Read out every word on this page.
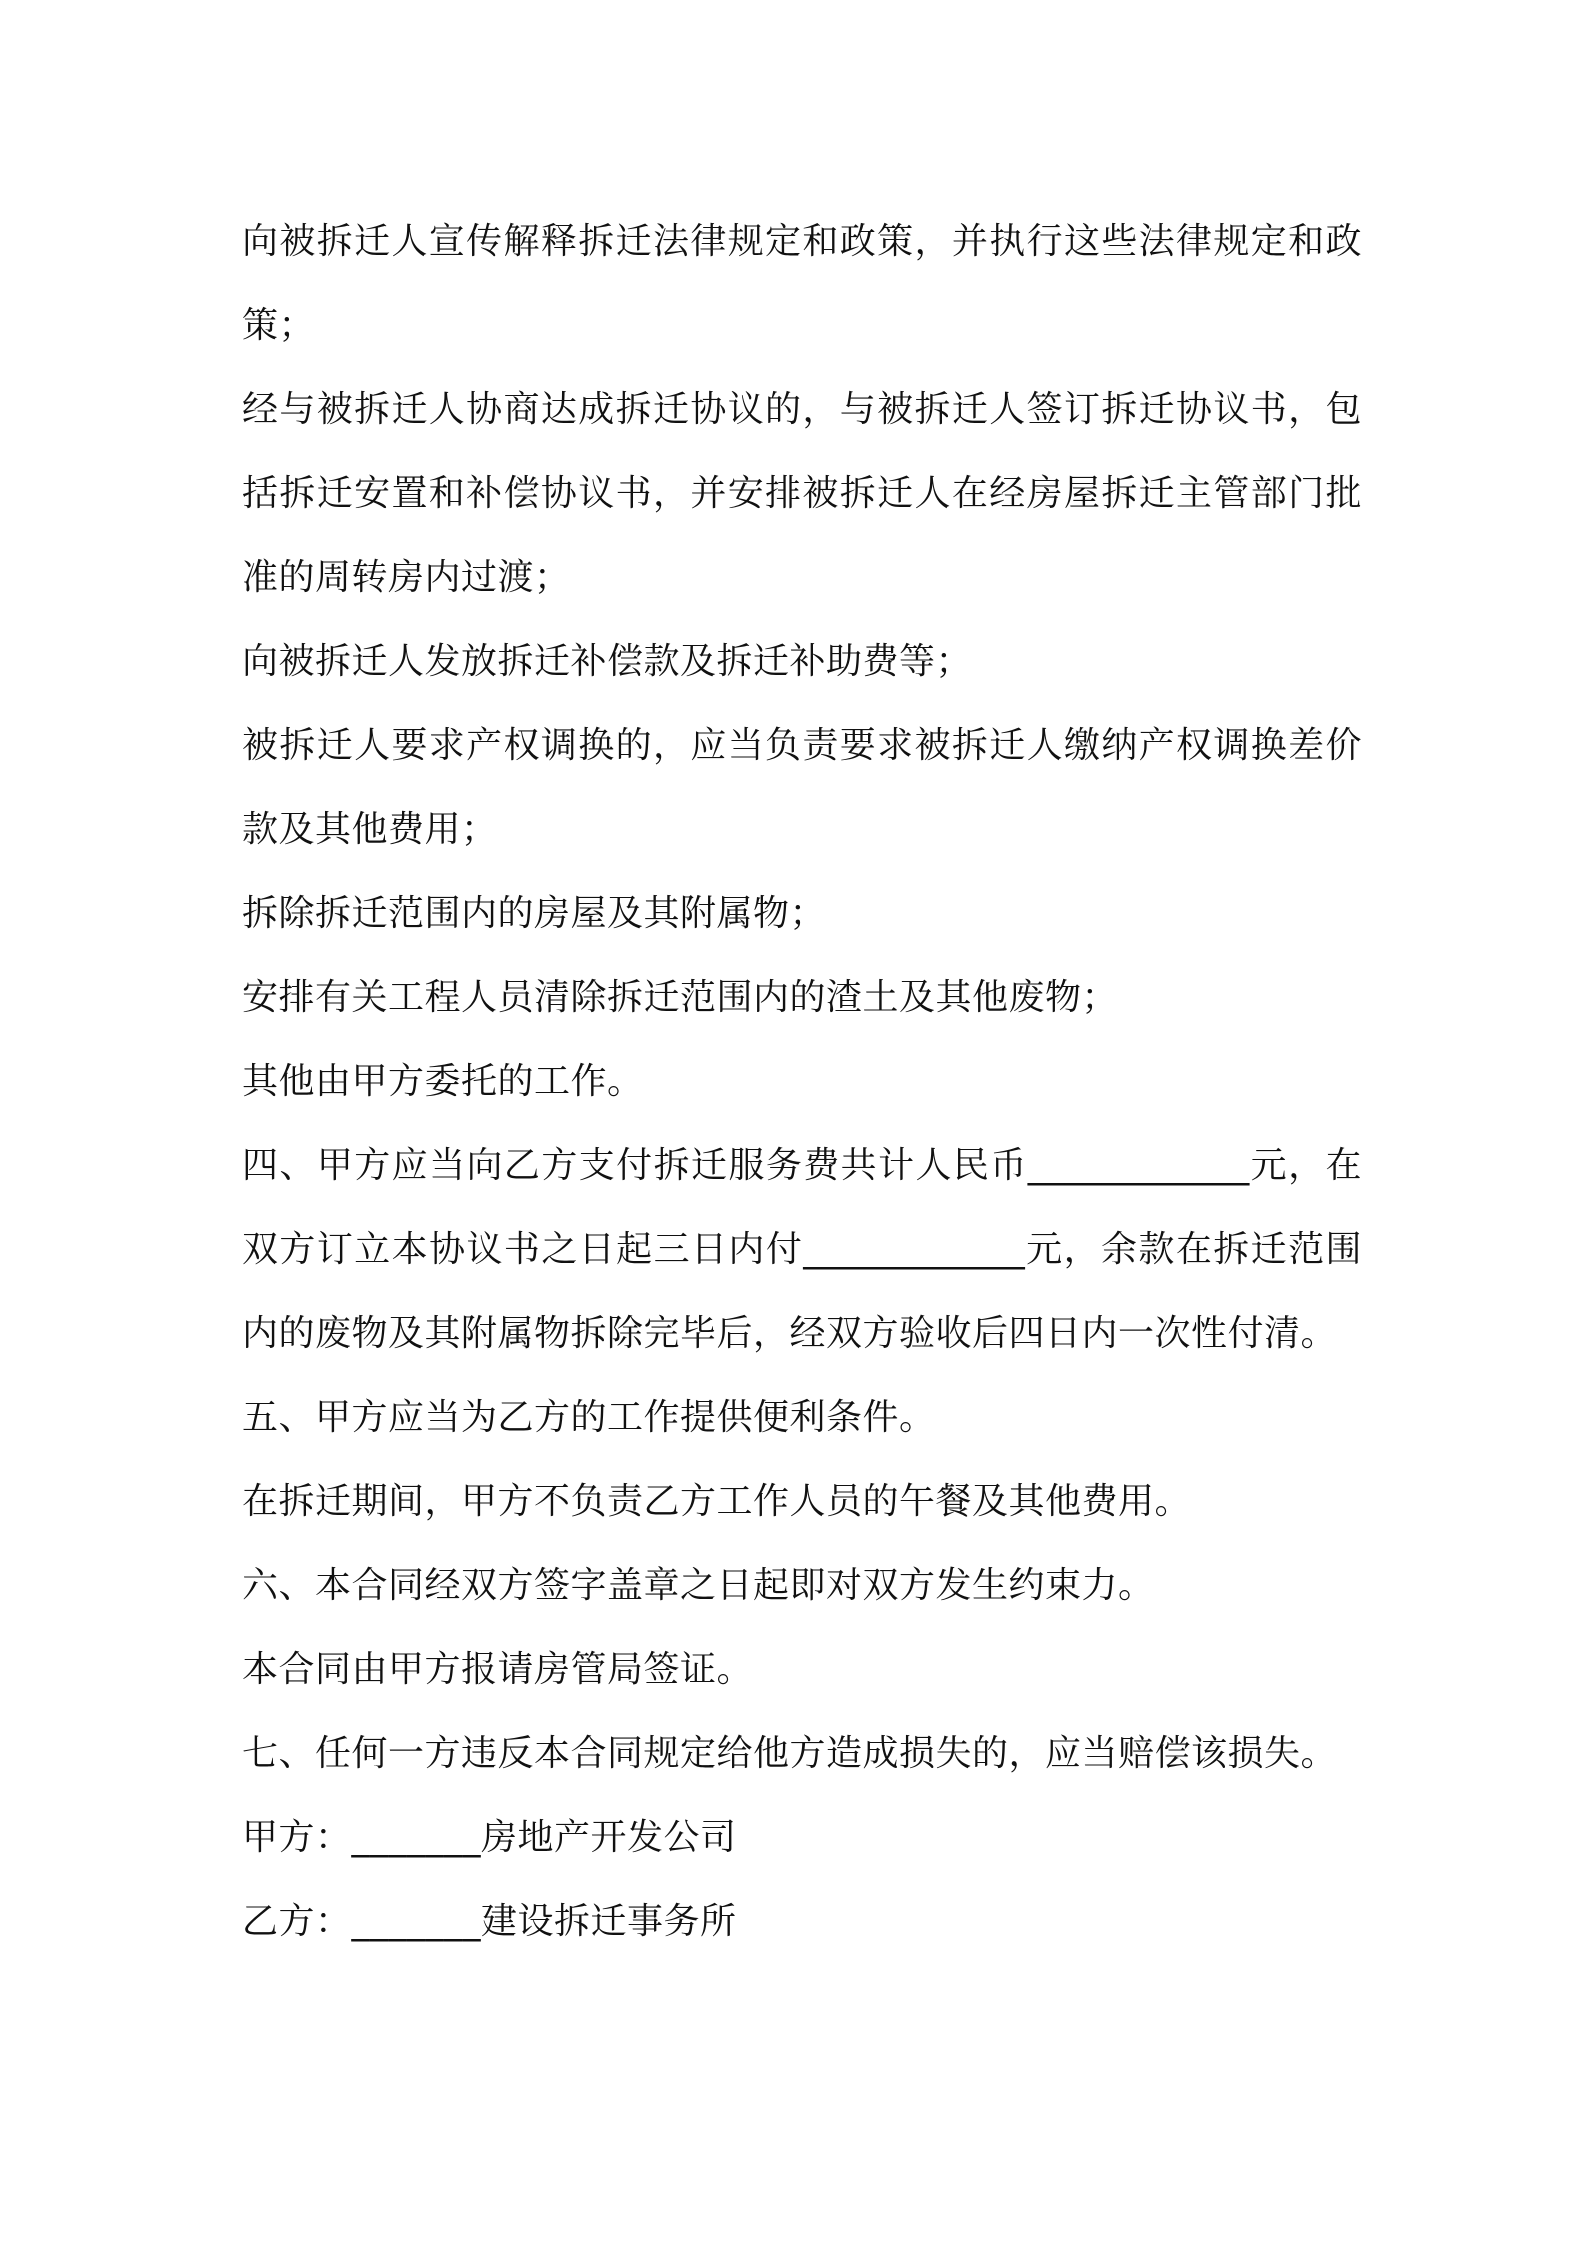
向被拆迁人宣传解释拆迁法律规定和政策，并执行这些法律规定和政策；

经与被拆迁人协商达成拆迁协议的，与被拆迁人签订拆迁协议书，包括拆迁安置和补偿协议书，并安排被拆迁人在经房屋拆迁主管部门批准的周转房内过渡；

向被拆迁人发放拆迁补偿款及拆迁补助费等；

被拆迁人要求产权调换的，应当负责要求被拆迁人缴纳产权调换差价款及其他费用；

拆除拆迁范围内的房屋及其附属物；

安排有关工程人员清除拆迁范围内的渣土及其他废物；

其他由甲方委托的工作。

四、甲方应当向乙方支付拆迁服务费共计人民币____________元，在双方订立本协议书之日起三日内付____________元，余款在拆迁范围内的废物及其附属物拆除完毕后，经双方验收后四日内一次性付清。

五、甲方应当为乙方的工作提供便利条件。

在拆迁期间，甲方不负责乙方工作人员的午餐及其他费用。

六、本合同经双方签字盖章之日起即对双方发生约束力。

本合同由甲方报请房管局签证。

七、任何一方违反本合同规定给他方造成损失的，应当赔偿该损失。

甲方：_______房地产开发公司

乙方：_______建设拆迁事务所
